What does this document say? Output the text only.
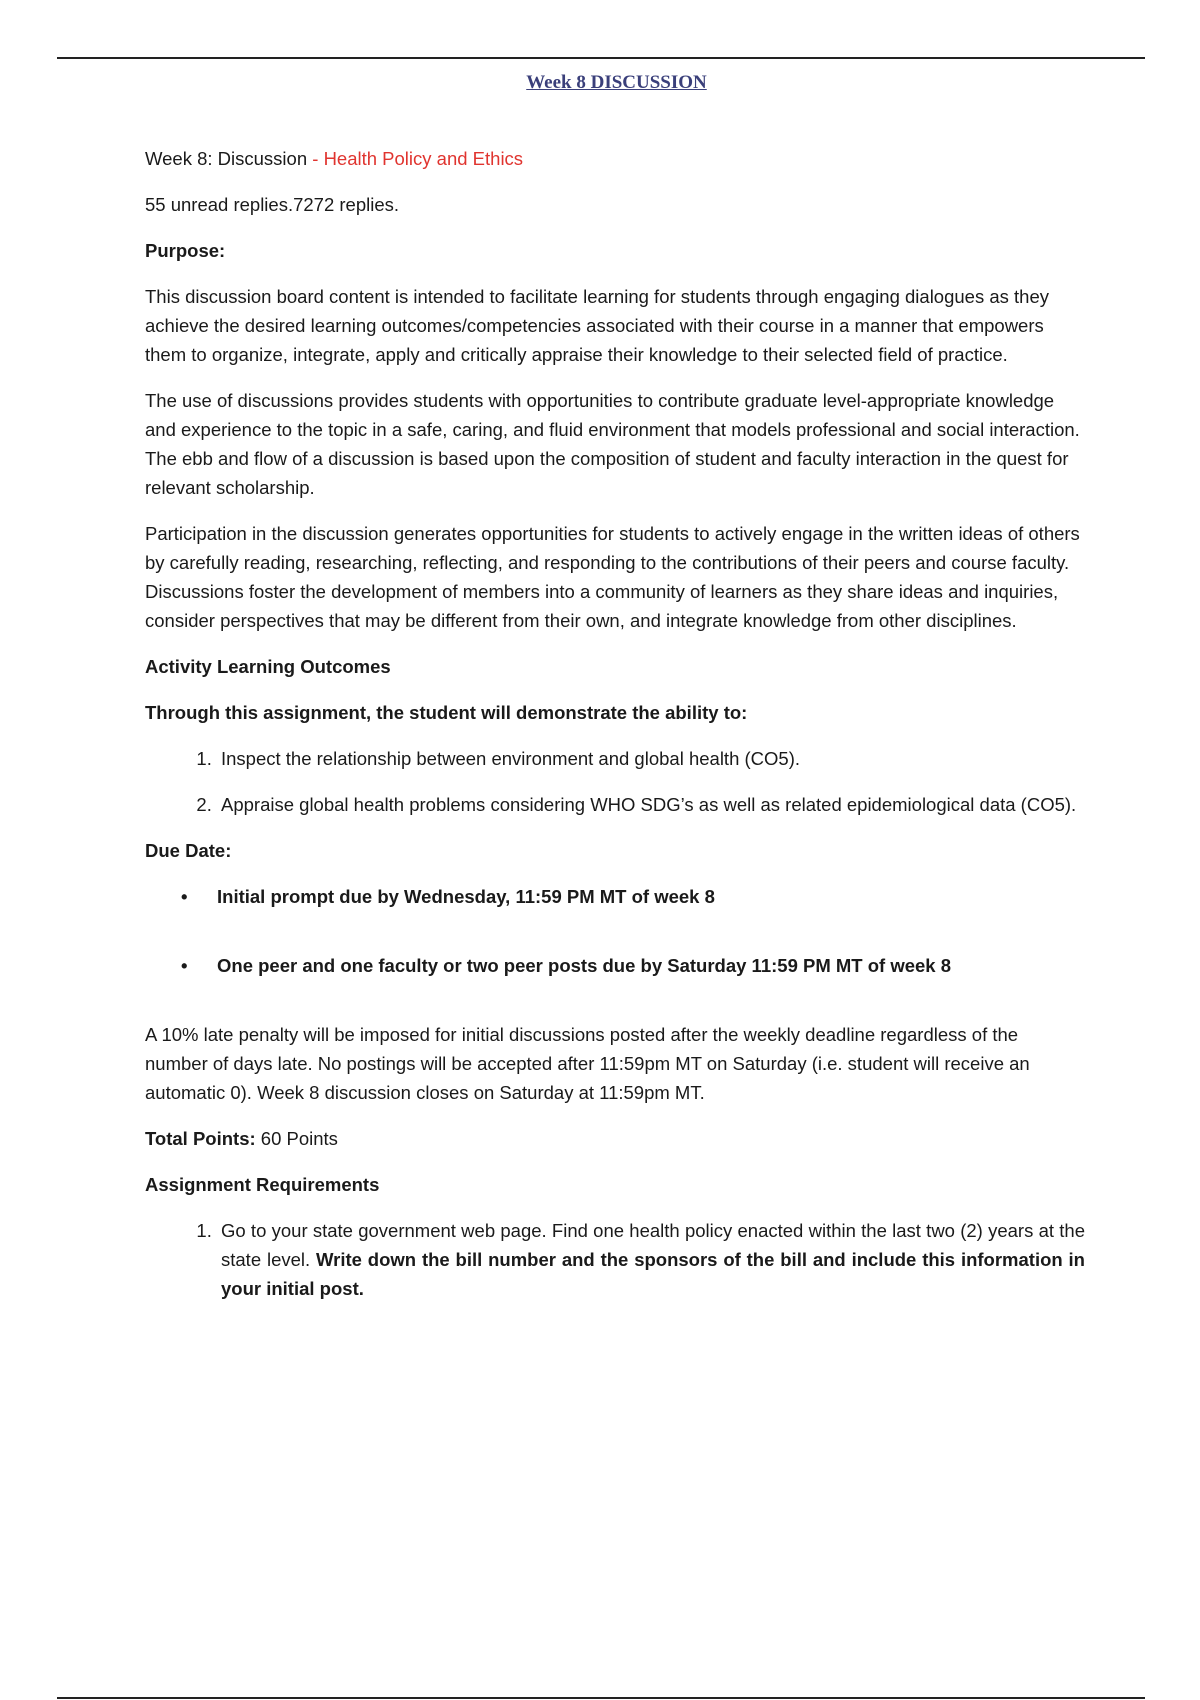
Week 8 DISCUSSION

Week 8: Discussion - Health Policy and Ethics

55 unread replies.7272 replies.

Purpose:

This discussion board content is intended to facilitate learning for students through engaging dialogues as they achieve the desired learning outcomes/competencies associated with their course in a manner that empowers them to organize, integrate, apply and critically appraise their knowledge to their selected field of practice.

The use of discussions provides students with opportunities to contribute graduate level-appropriate knowledge and experience to the topic in a safe, caring, and fluid environment that models professional and social interaction. The ebb and flow of a discussion is based upon the composition of student and faculty interaction in the quest for relevant scholarship.

Participation in the discussion generates opportunities for students to actively engage in the written ideas of others by carefully reading, researching, reflecting, and responding to the contributions of their peers and course faculty. Discussions foster the development of members into a community of learners as they share ideas and inquiries, consider perspectives that may be different from their own, and integrate knowledge from other disciplines.

Activity Learning Outcomes

Through this assignment, the student will demonstrate the ability to:

1. Inspect the relationship between environment and global health (CO5).
2. Appraise global health problems considering WHO SDG’s as well as related epidemiological data (CO5).

Due Date:

• Initial prompt due by Wednesday, 11:59 PM MT of week 8
• One peer and one faculty or two peer posts due by Saturday 11:59 PM MT of week 8

A 10% late penalty will be imposed for initial discussions posted after the weekly deadline regardless of the number of days late. No postings will be accepted after 11:59pm MT on Saturday (i.e. student will receive an automatic 0). Week 8 discussion closes on Saturday at 11:59pm MT.

Total Points: 60 Points

Assignment Requirements

1. Go to your state government web page. Find one health policy enacted within the last two (2) years at the state level. Write down the bill number and the sponsors of the bill and include this information in your initial post.
